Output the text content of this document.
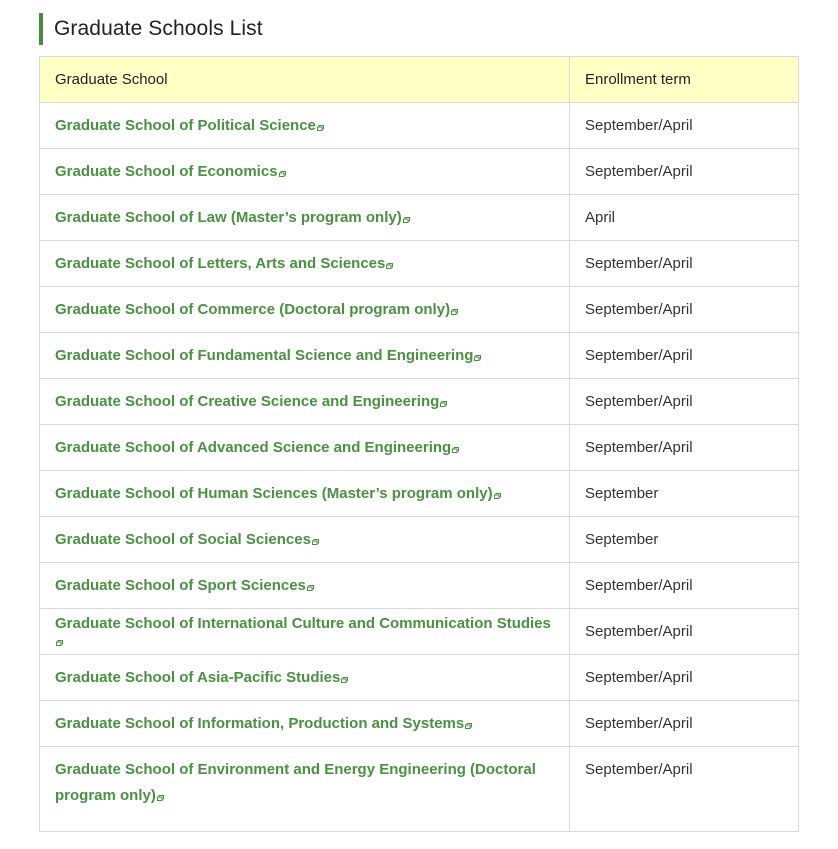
Graduate Schools List
Graduate School	Enrollment term
Graduate School of Political Science	September/April
Graduate School of Economics	September/April
Graduate School of Law (Master’s program only)	April
Graduate School of Letters, Arts and Sciences	September/April
Graduate School of Commerce (Doctoral program only)	September/April
Graduate School of Fundamental Science and Engineering	September/April
Graduate School of Creative Science and Engineering	September/April
Graduate School of Advanced Science and Engineering	September/April
Graduate School of Human Sciences (Master’s program only)	September
Graduate School of Social Sciences	September
Graduate School of Sport Sciences	September/April
Graduate School of International Culture and Communication Studies	September/April
Graduate School of Asia-Pacific Studies	September/April
Graduate School of Information, Production and Systems	September/April
Graduate School of Environment and Energy Engineering (Doctoral program only)	September/April
